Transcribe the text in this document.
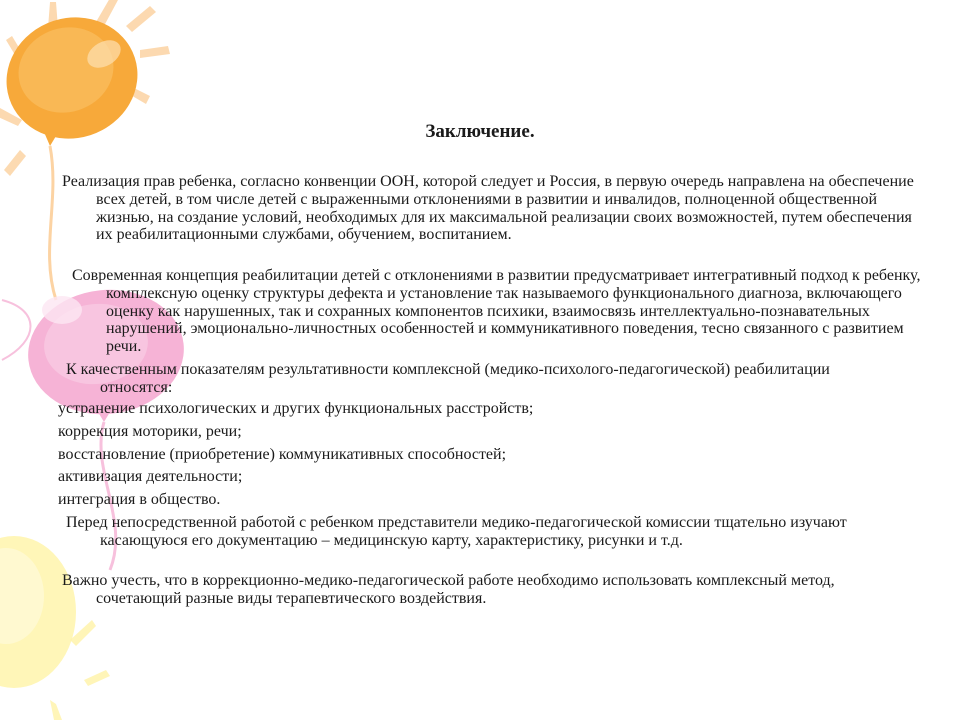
Заключение.

Реализация прав ребенка, согласно конвенции ООН, которой следует и Россия, в первую очередь направлена на обеспечение всех детей, в том числе детей с выраженными отклонениями в развитии и инвалидов, полноценной общественной жизнью, на создание условий, необходимых для их максимальной реализации своих возможностей, путем обеспечения их реабилитационными службами, обучением, воспитанием.

Современная концепция реабилитации детей с отклонениями в развитии предусматривает интегративный подход к ребенку, комплексную оценку структуры дефекта и установление так называемого функционального диагноза, включающего оценку как нарушенных, так и сохранных компонентов психики, взаимосвязь интеллектуально-познавательных нарушений, эмоционально-личностных особенностей и коммуникативного поведения, тесно связанного с развитием речи.

К качественным показателям результативности комплексной (медико-психолого-педагогической) реабилитации относятся:

устранение психологических и других функциональных расстройств;

коррекция моторики, речи;

восстановление (приобретение) коммуникативных способностей;

активизация деятельности;

интеграция в общество.

Перед непосредственной работой с ребенком представители медико-педагогической комиссии тщательно изучают касающуюся его документацию – медицинскую карту, характеристику, рисунки и т.д.

Важно учесть, что в коррекционно-медико-педагогической работе необходимо использовать комплексный метод, сочетающий разные виды терапевтического воздействия.
